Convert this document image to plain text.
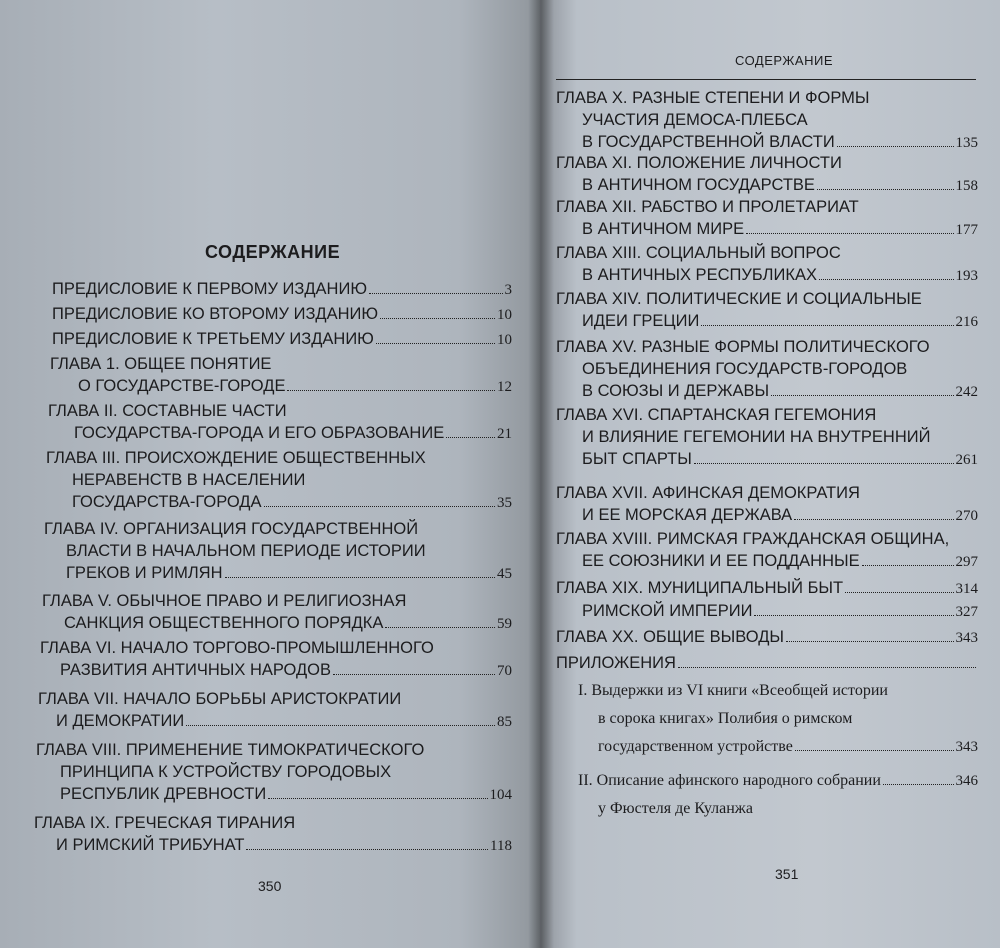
СОДЕРЖАНИЕ
ПРЕДИСЛОВИЕ К ПЕРВОМУ ИЗДАНИЮ	3
ПРЕДИСЛОВИЕ КО ВТОРОМУ ИЗДАНИЮ	10
ПРЕДИСЛОВИЕ К ТРЕТЬЕМУ ИЗДАНИЮ	10
ГЛАВА 1. ОБЩЕЕ ПОНЯТИЕ
О ГОСУДАРСТВЕ-ГОРОДЕ	12
ГЛАВА II. СОСТАВНЫЕ ЧАСТИ
ГОСУДАРСТВА-ГОРОДА И ЕГО ОБРАЗОВАНИЕ	21
ГЛАВА III. ПРОИСХОЖДЕНИЕ ОБЩЕСТВЕННЫХ
НЕРАВЕНСТВ В НАСЕЛЕНИИ
ГОСУДАРСТВА-ГОРОДА	35
ГЛАВА IV. ОРГАНИЗАЦИЯ ГОСУДАРСТВЕННОЙ
ВЛАСТИ В НАЧАЛЬНОМ ПЕРИОДЕ ИСТОРИИ
ГРЕКОВ И РИМЛЯН	45
ГЛАВА V. ОБЫЧНОЕ ПРАВО И РЕЛИГИОЗНАЯ
САНКЦИЯ ОБЩЕСТВЕННОГО ПОРЯДКА	59
ГЛАВА VI. НАЧАЛО ТОРГОВО-ПРОМЫШЛЕННОГО
РАЗВИТИЯ АНТИЧНЫХ НАРОДОВ	70
ГЛАВА VII. НАЧАЛО БОРЬБЫ АРИСТОКРАТИИ
И ДЕМОКРАТИИ	85
ГЛАВА VIII. ПРИМЕНЕНИЕ ТИМОКРАТИЧЕСКОГО
ПРИНЦИПА К УСТРОЙСТВУ ГОРОДОВЫХ
РЕСПУБЛИК ДРЕВНОСТИ	104
ГЛАВА IX. ГРЕЧЕСКАЯ ТИРАНИЯ
И РИМСКИЙ ТРИБУНАТ	118
350
СОДЕРЖАНИЕ
ГЛАВА X. РАЗНЫЕ СТЕПЕНИ И ФОРМЫ
УЧАСТИЯ ДЕМОСА-ПЛЕБСА
В ГОСУДАРСТВЕННОЙ ВЛАСТИ	135
ГЛАВА XI. ПОЛОЖЕНИЕ ЛИЧНОСТИ
В АНТИЧНОМ ГОСУДАРСТВЕ	158
ГЛАВА XII. РАБСТВО И ПРОЛЕТАРИАТ
В АНТИЧНОМ МИРЕ	177
ГЛАВА XIII. СОЦИАЛЬНЫЙ ВОПРОС
В АНТИЧНЫХ РЕСПУБЛИКАХ	193
ГЛАВА XIV. ПОЛИТИЧЕСКИЕ И СОЦИАЛЬНЫЕ
ИДЕИ ГРЕЦИИ	216
ГЛАВА XV. РАЗНЫЕ ФОРМЫ ПОЛИТИЧЕСКОГО
ОБЪЕДИНЕНИЯ ГОСУДАРСТВ-ГОРОДОВ
В СОЮЗЫ И ДЕРЖАВЫ	242
ГЛАВА XVI. СПАРТАНСКАЯ ГЕГЕМОНИЯ
И ВЛИЯНИЕ ГЕГЕМОНИИ НА ВНУТРЕННИЙ
БЫТ СПАРТЫ	261
ГЛАВА XVII. АФИНСКАЯ ДЕМОКРАТИЯ
И ЕЕ МОРСКАЯ ДЕРЖАВА	270
ГЛАВА XVIII. РИМСКАЯ ГРАЖДАНСКАЯ ОБЩИНА,
ЕЕ СОЮЗНИКИ И ЕЕ ПОДДАННЫЕ	297
ГЛАВА XIX. МУНИЦИПАЛЬНЫЙ БЫТ	314
РИМСКОЙ ИМПЕРИИ	327
ГЛАВА XX. ОБЩИЕ ВЫВОДЫ	343
ПРИЛОЖЕНИЯ
I. Выдержки из VI книги «Всеобщей истории
в сорока книгах» Полибия о римском
государственном устройстве	343
II. Описание афинского народного собрании	346
у Фюстеля де Куланжа
351
